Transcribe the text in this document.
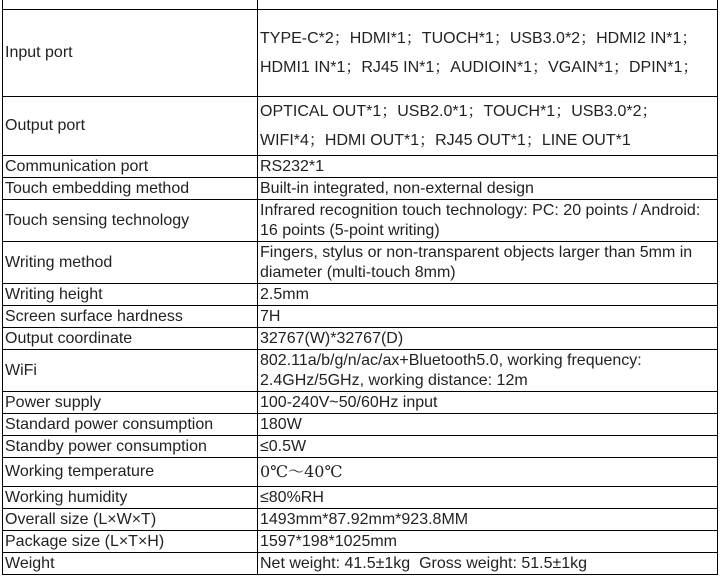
Input port	TYPE-C*2；HDMI*1；TUOCH*1；USB3.0*2；HDMI2 IN*1；HDMI1 IN*1；RJ45 IN*1；AUDIOIN*1；VGAIN*1；DPIN*1；
Output port	OPTICAL OUT*1；USB2.0*1；TOUCH*1；USB3.0*2；WIFI*4；HDMI OUT*1；RJ45 OUT*1；LINE OUT*1
Communication port	RS232*1
Touch embedding method	Built-in integrated, non-external design
Touch sensing technology	Infrared recognition touch technology: PC: 20 points / Android: 16 points (5-point writing)
Writing method	Fingers, stylus or non-transparent objects larger than 5mm in diameter (multi-touch 8mm)
Writing height	2.5mm
Screen surface hardness	7H
Output coordinate	32767(W)*32767(D)
WiFi	802.11a/b/g/n/ac/ax+Bluetooth5.0, working frequency: 2.4GHz/5GHz, working distance: 12m
Power supply	100-240V~50/60Hz input
Standard power consumption	180W
Standby power consumption	≤0.5W
Working temperature	0℃～40℃
Working humidity	≤80%RH
Overall size (L×W×T)	1493mm*87.92mm*923.8MM
Package size (L×T×H)	1597*198*1025mm
Weight	Net weight: 41.5±1kg  Gross weight: 51.5±1kg
